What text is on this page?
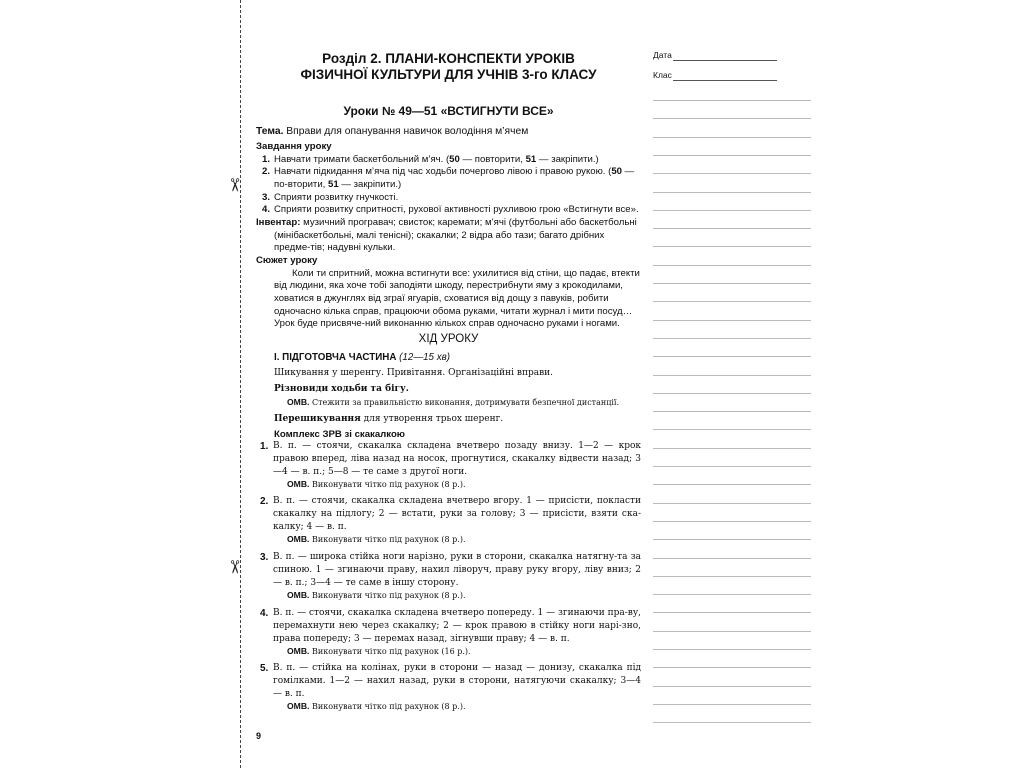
✂
✂
Розділ 2. ПЛАНИ-КОНСПЕКТИ УРОКІВ
ФІЗИЧНОЇ КУЛЬТУРИ ДЛЯ УЧНІВ 3-го КЛАСУ
Уроки № 49—51 «ВСТИГНУТИ ВСЕ»
Тема. Вправи для опанування навичок володіння м’ячем
Завдання уроку
1. Навчати тримати баскетбольний м’яч. (50 — повторити, 51 — закріпити.)
2. Навчати підкидання м’яча під час ходьби почергово лівою і правою рукою. (50 — по-вторити, 51 — закріпити.)
3. Сприяти розвитку гнучкості.
4. Сприяти розвитку спритності, рухової активності рухливою грою «Встигнути все».
Інвентар: музичний програвач; свисток; каремати; м’ячі (футбольні або баскетбольні (мінібаскетбольні, малі тенісні); скакалки; 2 відра або тази; багато дрібних предме-тів; надувні кульки.
Сюжет уроку
Коли ти спритний, можна встигнути все: ухилитися від стіни, що падає, втекти від людини, яка хоче тобі заподіяти шкоду, перестрибнути яму з крокодилами, ховатися в джунглях від зграї ягуарів, сховатися від дощу з павуків, робити одночасно кілька справ, працюючи обома руками, читати журнал і мити посуд… Урок буде присвяче-ний виконанню кількох справ одночасно руками і ногами.
ХІД УРОКУ
І. ПІДГОТОВЧА ЧАСТИНА (12—15 хв)
Шикування у шеренгу. Привітання. Організаційні вправи.
Різновиди ходьби та бігу.
ОМВ. Стежити за правильністю виконання, дотримувати безпечної дистанції.
Перешикування для утворення трьох шеренг.
Комплекс ЗРВ зі скакалкою
1. В. п. — стоячи, скакалка складена вчетверо позаду внизу. 1—2 — крок правою вперед, ліва назад на носок, прогнутися, скакалку відвести назад; 3—4 — в. п.; 5—8 — те саме з другої ноги.
ОМВ. Виконувати чітко під рахунок (8 р.).
2. В. п. — стоячи, скакалка складена вчетверо вгору. 1 — присісти, покласти скакалку на підлогу; 2 — встати, руки за голову; 3 — присісти, взяти ска-калку; 4 — в. п.
ОМВ. Виконувати чітко під рахунок (8 р.).
3. В. п. — широка стійка ноги нарізно, руки в сторони, скакалка натягну-та за спиною. 1 — згинаючи праву, нахил ліворуч, праву руку вгору, ліву вниз; 2 — в. п.; 3—4 — те саме в іншу сторону.
ОМВ. Виконувати чітко під рахунок (8 р.).
4. В. п. — стоячи, скакалка складена вчетверо попереду. 1 — згинаючи пра-ву, перемахнути нею через скакалку; 2 — крок правою в стійку ноги нарі-зно, права попереду; 3 — перемах назад, зігнувши праву; 4 — в. п.
ОМВ. Виконувати чітко під рахунок (16 р.).
5. В. п. — стійка на колінах, руки в сторони — назад — донизу, скакалка під гомілками. 1—2 — нахил назад, руки в сторони, натягуючи скакалку; 3—4 — в. п.
ОМВ. Виконувати чітко під рахунок (8 р.).
9
Дата
Клас
